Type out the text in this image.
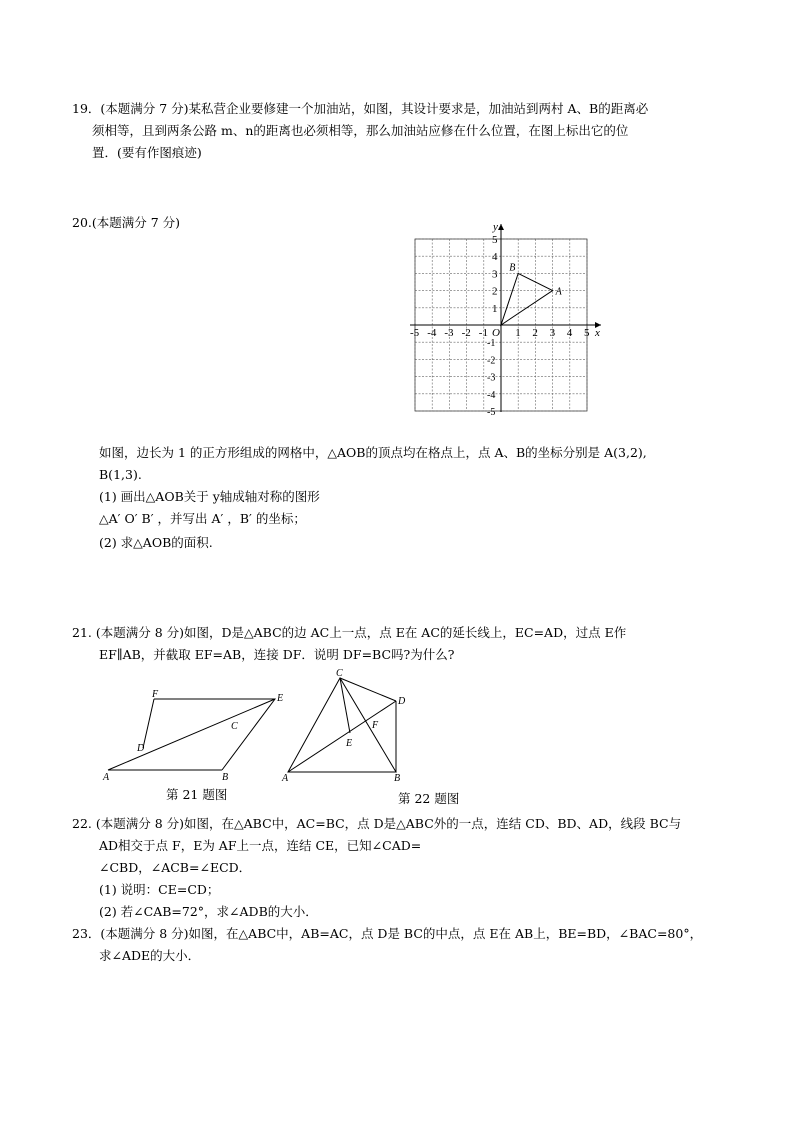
19．(本题满分 7 分)某私营企业要修建一个加油站，如图，其设计要求是，加油站到两村 A、B的距离必
须相等，且到两条公路 m、n的距离也必须相等，那么加油站应修在什么位置，在图上标出它的位
置．(要有作图痕迹)
20.(本题满分 7 分)
x
y
-5 -4 -3 -2 -1 O 1 2 3 4 5
5
4
3
2
1
-1
-2
-3
-4
-5
A
B
如图，边长为 1 的正方形组成的网格中，△AOB的顶点均在格点上，点 A、B的坐标分别是 A(3,2),
B(1,3).
(1) 画出△AOB关于 y轴成轴对称的图形
△A′ O′ B′ ，并写出 A′ ，B′ 的坐标；
(2) 求△AOB的面积.
21. (本题满分 8 分)如图，D是△ABC的边 AC上一点，点 E在 AC的延长线上，EC=AD，过点 E作
EF∥AB，并截取 EF=AB，连接 DF．说明 DF=BC吗?为什么?
F	E
C
D
A	B
第 21 题图
C
D
F
E
A	B
第 22 题图
22. (本题满分 8 分)如图，在△ABC中，AC=BC，点 D是△ABC外的一点，连结 CD、BD、AD，线段 BC与
AD相交于点 F，E为 AF上一点，连结 CE，已知∠CAD=
∠CBD，∠ACB=∠ECD．
(1) 说明：CE=CD；
(2) 若∠CAB=72°，求∠ADB的大小．
23．(本题满分 8 分)如图，在△ABC中，AB=AC，点 D是 BC的中点，点 E在 AB上，BE=BD，∠BAC=80°，
求∠ADE的大小．
